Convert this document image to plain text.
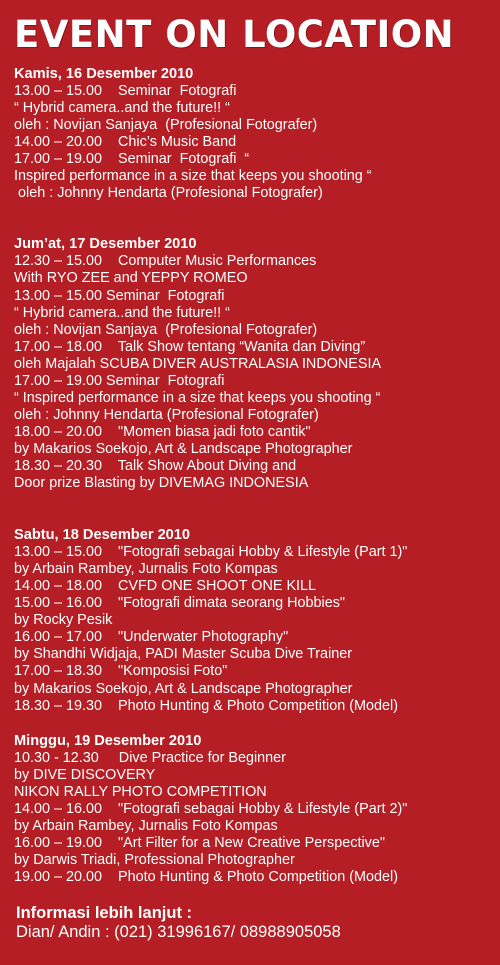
EVENT ON LOCATION
Kamis, 16 Desember 2010
13.00 – 15.00    Seminar  Fotografi
“ Hybrid camera..and the future!! “
oleh : Novijan Sanjaya  (Profesional Fotografer)
14.00 – 20.00    Chic’s Music Band
17.00 – 19.00    Seminar  Fotografi  “
Inspired performance in a size that keeps you shooting “
oleh : Johnny Hendarta (Profesional Fotografer)
Jum’at, 17 Desember 2010
12.30 – 15.00    Computer Music Performances
With RYO ZEE and YEPPY ROMEO
13.00 – 15.00 Seminar  Fotografi
“ Hybrid camera..and the future!! “
oleh : Novijan Sanjaya  (Profesional Fotografer)
17.00 – 18.00    Talk Show tentang “Wanita dan Diving”
oleh Majalah SCUBA DIVER AUSTRALASIA INDONESIA
17.00 – 19.00 Seminar  Fotografi
“ Inspired performance in a size that keeps you shooting “
oleh : Johnny Hendarta (Profesional Fotografer)
18.00 – 20.00    "Momen biasa jadi foto cantik"
by Makarios Soekojo, Art & Landscape Photographer
18.30 – 20.30    Talk Show About Diving and
Door prize Blasting by DIVEMAG INDONESIA
Sabtu, 18 Desember 2010
13.00 – 15.00    "Fotografi sebagai Hobby & Lifestyle (Part 1)"
by Arbain Rambey, Jurnalis Foto Kompas
14.00 – 18.00    CVFD ONE SHOOT ONE KILL
15.00 – 16.00    "Fotografi dimata seorang Hobbies"
by Rocky Pesik
16.00 – 17.00    "Underwater Photography"
by Shandhi Widjaja, PADI Master Scuba Dive Trainer
17.00 – 18.30    "Komposisi Foto"
by Makarios Soekojo, Art & Landscape Photographer
18.30 – 19.30    Photo Hunting & Photo Competition (Model)
Minggu, 19 Desember 2010
10.30 - 12.30     Dive Practice for Beginner
by DIVE DISCOVERY
NIKON RALLY PHOTO COMPETITION
14.00 – 16.00    "Fotografi sebagai Hobby & Lifestyle (Part 2)"
by Arbain Rambey, Jurnalis Foto Kompas
16.00 – 19.00    "Art Filter for a New Creative Perspective"
by Darwis Triadi, Professional Photographer
19.00 – 20.00    Photo Hunting & Photo Competition (Model)
Informasi lebih lanjut :
Dian/ Andin : (021) 31996167/ 08988905058
